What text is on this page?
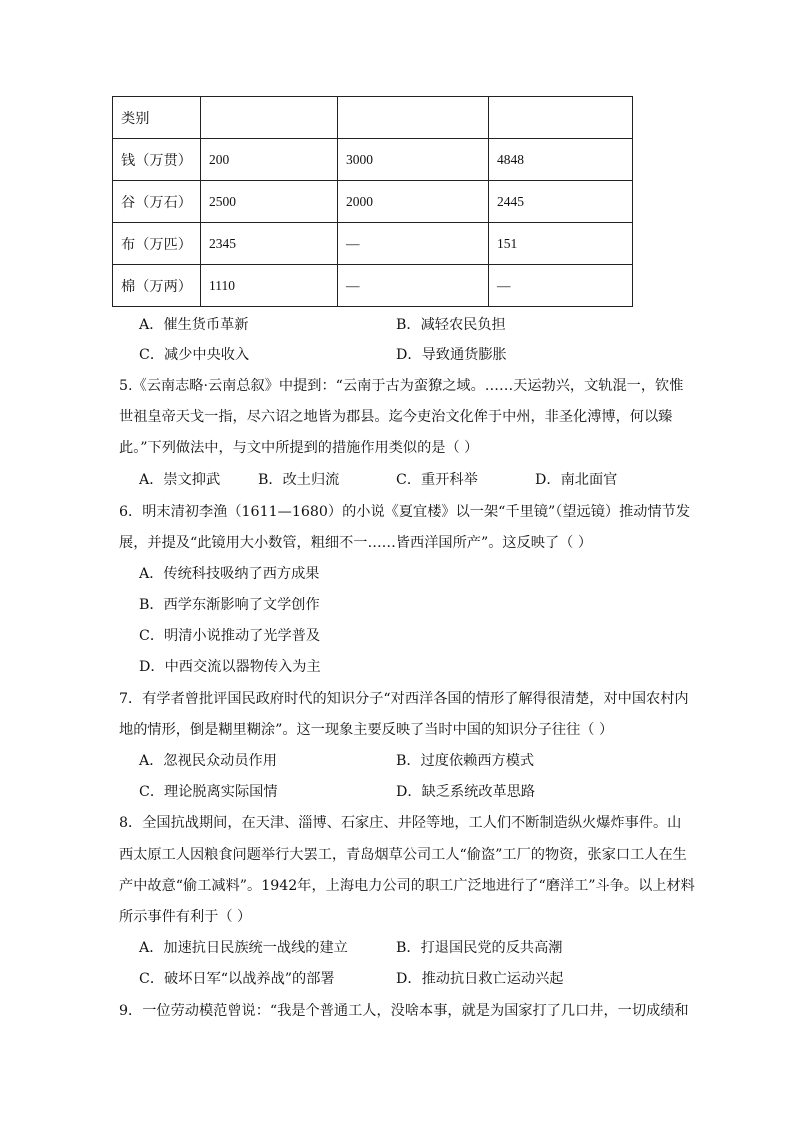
类别			
钱（万贯）	200	3000	4848
谷（万石）	2500	2000	2445
布（万匹）	2345	—	151
棉（万两）	1110	—	—
A．催生货币革新	B．减轻农民负担
C．减少中央收入	D．导致通货膨胀
5.《云南志略·云南总叙》中提到：“云南于古为蛮獠之域。……天运勃兴，文轨混一，钦惟
世祖皇帝天戈一指，尽六诏之地皆为郡县。迄今吏治文化侔于中州，非圣化溥博，何以臻
此。”下列做法中，与文中所提到的措施作用类似的是（ ）
A．崇文抑武	B．改土归流	C．重开科举	D．南北面官
6．明末清初李渔（1611—1680）的小说《夏宜楼》以一架“千里镜”（望远镜）推动情节发
展，并提及“此镜用大小数管，粗细不一……皆西洋国所产”。这反映了（ ）
A．传统科技吸纳了西方成果
B．西学东渐影响了文学创作
C．明清小说推动了光学普及
D．中西交流以器物传入为主
7．有学者曾批评国民政府时代的知识分子“对西洋各国的情形了解得很清楚，对中国农村内
地的情形，倒是糊里糊涂”。这一现象主要反映了当时中国的知识分子往往（ ）
A．忽视民众动员作用	B．过度依赖西方模式
C．理论脱离实际国情	D．缺乏系统改革思路
8．全国抗战期间，在天津、淄博、石家庄、井陉等地，工人们不断制造纵火爆炸事件。山
西太原工人因粮食问题举行大罢工，青岛烟草公司工人“偷盗”工厂的物资，张家口工人在生
产中故意“偷工减料”。1942年，上海电力公司的职工广泛地进行了“磨洋工”斗争。以上材料
所示事件有利于（ ）
A．加速抗日民族统一战线的建立	B．打退国民党的反共高潮
C．破坏日军“以战养战”的部署	D．推动抗日救亡运动兴起
9．一位劳动模范曾说：“我是个普通工人，没啥本事，就是为国家打了几口井，一切成绩和
